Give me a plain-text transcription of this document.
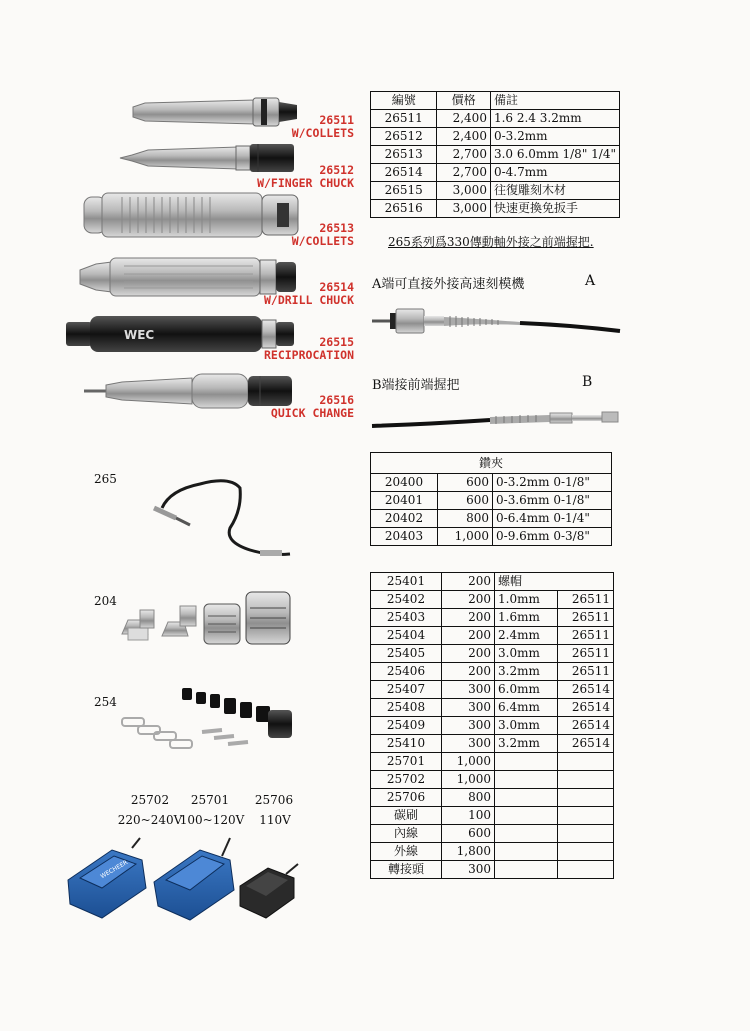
WEC
26511
W/COLLETS
26512
W/FINGER CHUCK
26513
W/COLLETS
26514
W/DRILL CHUCK
26515
RECIPROCATION
26516
QUICK CHANGE
編號	價格	備註
26511	2,400	1.6 2.4 3.2mm
26512	2,400	0-3.2mm
26513	2,700	3.0 6.0mm 1/8" 1/4"
26514	2,700	0-4.7mm
26515	3,000	往復雕刻木材
26516	3,000	快速更換免扳手
265系列爲330傳動軸外接之前端握把.
A端可直接外接高速刻模機	A
B端接前端握把	B
鑽夾		
20400	600	0-3.2mm 0-1/8"
20401	600	0-3.6mm 0-1/8"
20402	800	0-6.4mm 0-1/4"
20403	1,000	0-9.6mm 0-3/8"
25401	200	螺帽	
25402	200	1.0mm	26511
25403	200	1.6mm	26511
25404	200	2.4mm	26511
25405	200	3.0mm	26511
25406	200	3.2mm	26511
25407	300	6.0mm	26514
25408	300	6.4mm	26514
25409	300	3.0mm	26514
25410	300	3.2mm	26514
25701	1,000		
25702	1,000		
25706	800		
碳刷	100		
內線	600		
外線	1,800		
轉接頭	300		
265
204
254
25702	25701	25706
220~240V
100~120V	110V
WECHEER
